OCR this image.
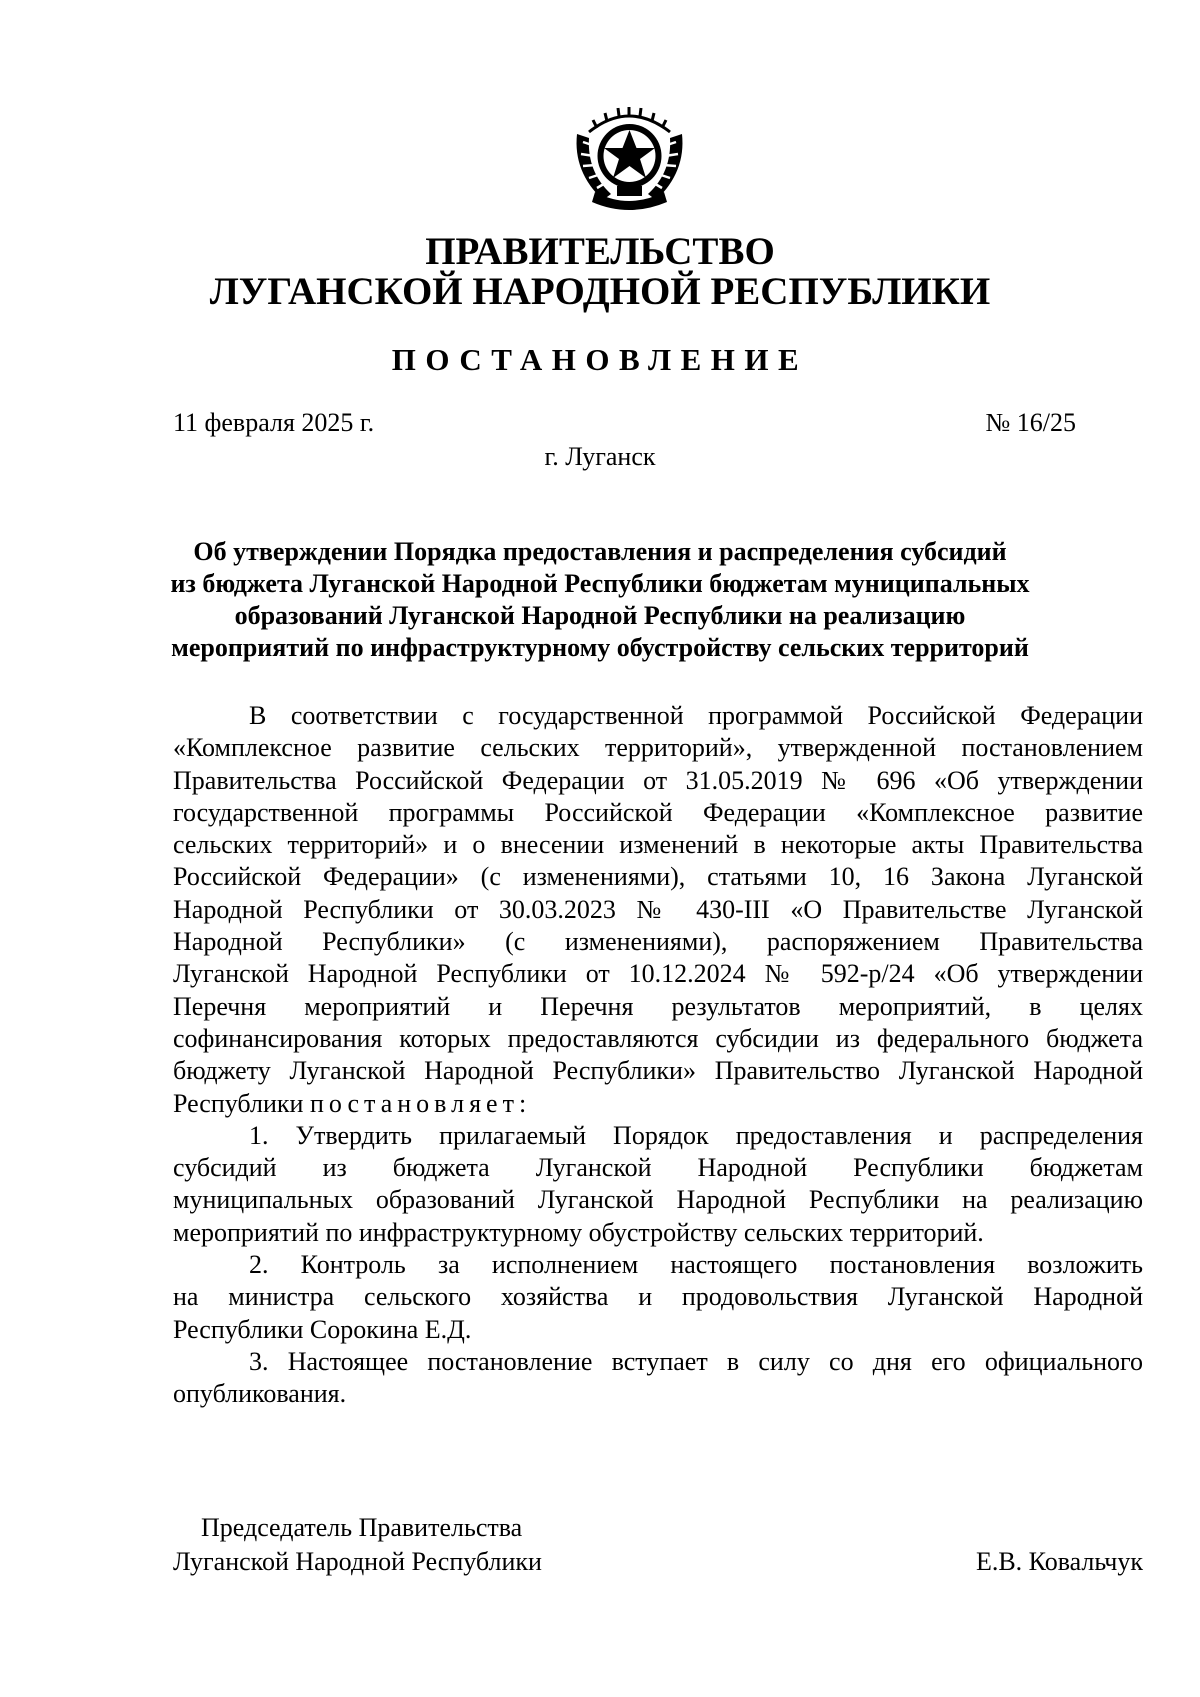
ПРАВИТЕЛЬСТВО
ЛУГАНСКОЙ НАРОДНОЙ РЕСПУБЛИКИ
ПОСТАНОВЛЕНИЕ
11 февраля 2025 г.	№ 16/25
г. Луганск
Об утверждении Порядка предоставления и распределения субсидий
из бюджета Луганской Народной Республики бюджетам муниципальных
образований Луганской Народной Республики на реализацию
мероприятий по инфраструктурному обустройству сельских территорий
В соответствии с государственной программой Российской Федерации
«Комплексное развитие сельских территорий», утвержденной постановлением
Правительства Российской Федерации от 31.05.2019 № 696 «Об утверждении
государственной программы Российской Федерации «Комплексное развитие
сельских территорий» и о внесении изменений в некоторые акты Правительства
Российской Федерации» (с изменениями), статьями 10, 16 Закона Луганской
Народной Республики от 30.03.2023 № 430-III «О Правительстве Луганской
Народной Республики» (с изменениями), распоряжением Правительства
Луганской Народной Республики от 10.12.2024 № 592-р/24 «Об утверждении
Перечня мероприятий и Перечня результатов мероприятий, в целях
софинансирования которых предоставляются субсидии из федерального бюджета
бюджету Луганской Народной Республики» Правительство Луганской Народной
Республики постановляет:
1. Утвердить прилагаемый Порядок предоставления и распределения
субсидий из бюджета Луганской Народной Республики бюджетам
муниципальных образований Луганской Народной Республики на реализацию
мероприятий по инфраструктурному обустройству сельских территорий.
2. Контроль за исполнением настоящего постановления возложить
на министра сельского хозяйства и продовольствия Луганской Народной
Республики Сорокина Е.Д.
3. Настоящее постановление вступает в силу со дня его официального
опубликования.
Председатель Правительства
Луганской Народной Республики	Е.В. Ковальчук
